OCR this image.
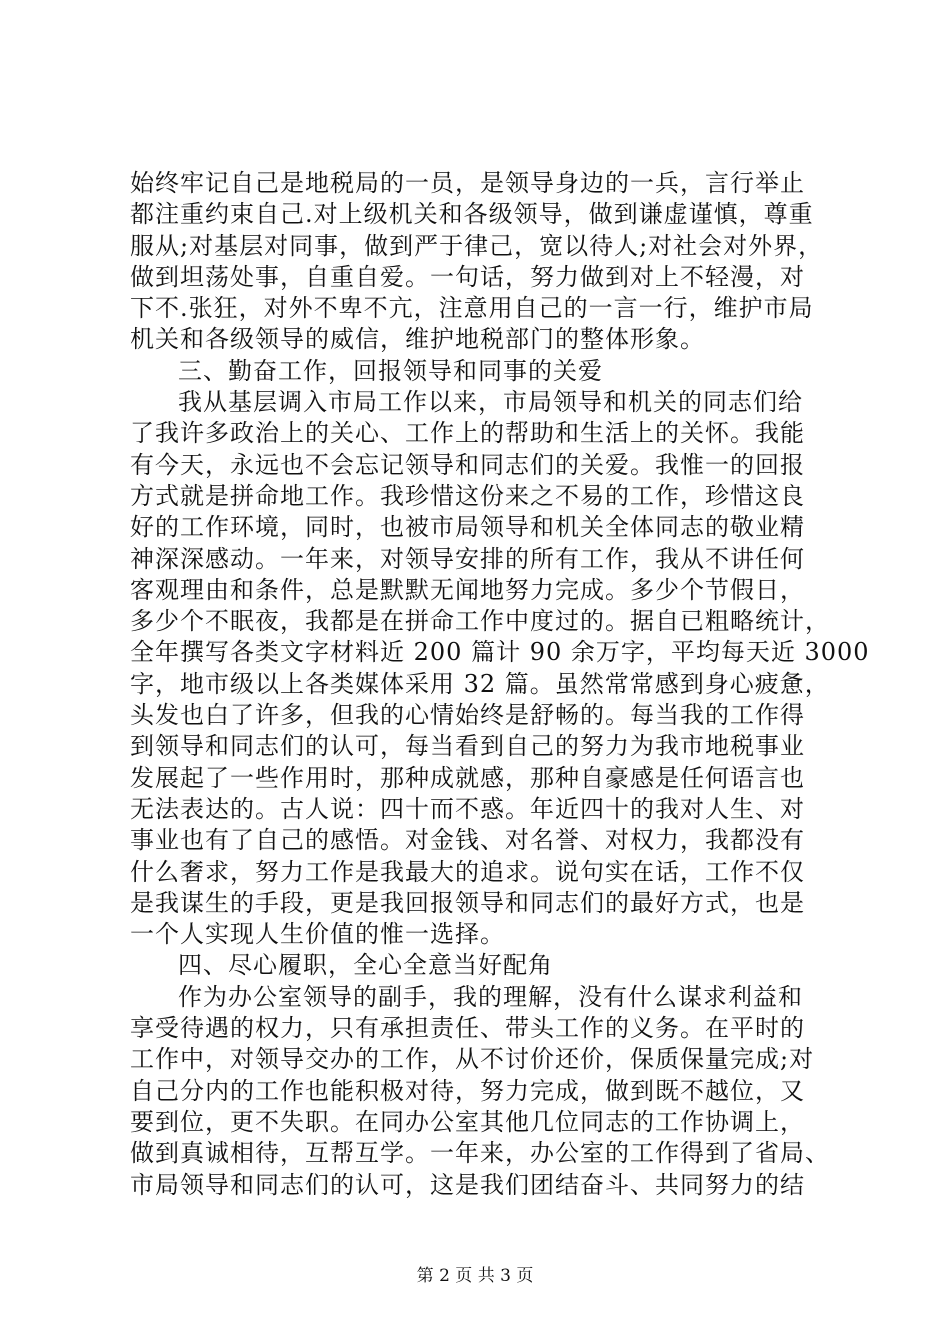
始终牢记自己是地税局的一员，是领导身边的一兵，言行举止
都注重约束自己.对上级机关和各级领导，做到谦虚谨慎，尊重
服从;对基层对同事，做到严于律己，宽以待人;对社会对外界，
做到坦荡处事，自重自爱。一句话，努力做到对上不轻漫，对
下不.张狂，对外不卑不亢，注意用自己的一言一行，维护市局
机关和各级领导的威信，维护地税部门的整体形象。
三、勤奋工作，回报领导和同事的关爱
我从基层调入市局工作以来，市局领导和机关的同志们给
了我许多政治上的关心、工作上的帮助和生活上的关怀。我能
有今天，永远也不会忘记领导和同志们的关爱。我惟一的回报
方式就是拼命地工作。我珍惜这份来之不易的工作，珍惜这良
好的工作环境，同时，也被市局领导和机关全体同志的敬业精
神深深感动。一年来，对领导安排的所有工作，我从不讲任何
客观理由和条件，总是默默无闻地努力完成。多少个节假日，
多少个不眠夜，我都是在拼命工作中度过的。据自已粗略统计，
全年撰写各类文字材料近 200 篇计 90 余万字，平均每天近 3000
字，地市级以上各类媒体采用 32 篇。虽然常常感到身心疲惫，
头发也白了许多，但我的心情始终是舒畅的。每当我的工作得
到领导和同志们的认可，每当看到自己的努力为我市地税事业
发展起了一些作用时，那种成就感，那种自豪感是任何语言也
无法表达的。古人说：四十而不惑。年近四十的我对人生、对
事业也有了自己的感悟。对金钱、对名誉、对权力，我都没有
什么奢求，努力工作是我最大的追求。说句实在话，工作不仅
是我谋生的手段，更是我回报领导和同志们的最好方式，也是
一个人实现人生价值的惟一选择。
四、尽心履职，全心全意当好配角
作为办公室领导的副手，我的理解，没有什么谋求利益和
享受待遇的权力，只有承担责任、带头工作的义务。在平时的
工作中，对领导交办的工作，从不讨价还价，保质保量完成;对
自己分内的工作也能积极对待，努力完成，做到既不越位，又
要到位，更不失职。在同办公室其他几位同志的工作协调上，
做到真诚相待，互帮互学。一年来，办公室的工作得到了省局、
市局领导和同志们的认可，这是我们团结奋斗、共同努力的结
第 2 页 共 3 页
